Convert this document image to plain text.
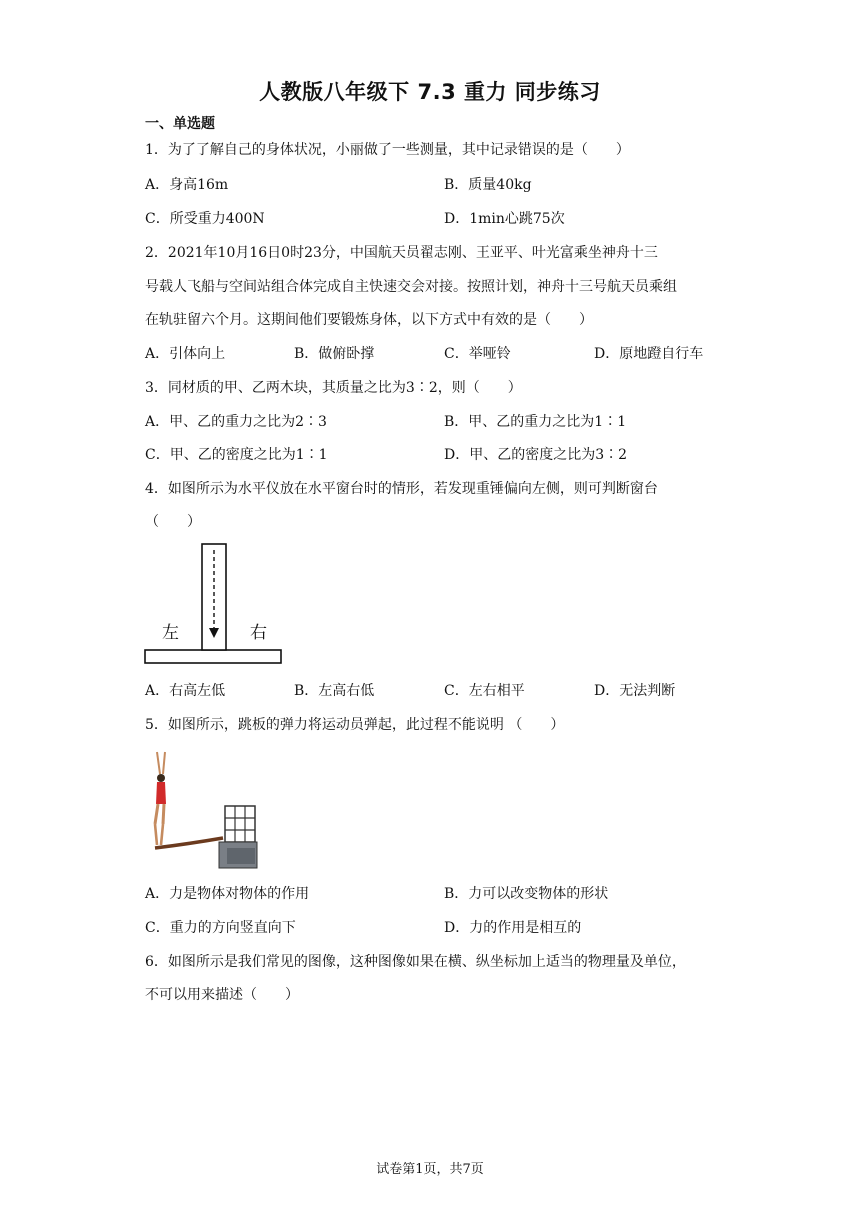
人教版八年级下 7.3 重力 同步练习
一、单选题
1．为了了解自己的身体状况，小丽做了一些测量，其中记录错误的是（　　）
A．身高16m	B．质量40kg
C．所受重力400N	D．1min心跳75次
2．2021年10月16日0时23分，中国航天员翟志刚、王亚平、叶光富乘坐神舟十三
号载人飞船与空间站组合体完成自主快速交会对接。按照计划，神舟十三号航天员乘组
在轨驻留六个月。这期间他们要锻炼身体，以下方式中有效的是（　　）
A．引体向上	B．做俯卧撑	C．举哑铃	D．原地蹬自行车
3．同材质的甲、乙两木块，其质量之比为3∶2，则（　　）
A．甲、乙的重力之比为2∶3	B．甲、乙的重力之比为1∶1
C．甲、乙的密度之比为1∶1	D．甲、乙的密度之比为3∶2
4．如图所示为水平仪放在水平窗台时的情形，若发现重锤偏向左侧，则可判断窗台
（　　）
左	右
A．右高左低	B．左高右低	C．左右相平	D．无法判断
5．如图所示，跳板的弹力将运动员弹起，此过程不能说明 （　　）
A．力是物体对物体的作用	B．力可以改变物体的形状
C．重力的方向竖直向下	D．力的作用是相互的
6．如图所示是我们常见的图像，这种图像如果在横、纵坐标加上适当的物理量及单位，
不可以用来描述（　　）
试卷第1页，共7页
